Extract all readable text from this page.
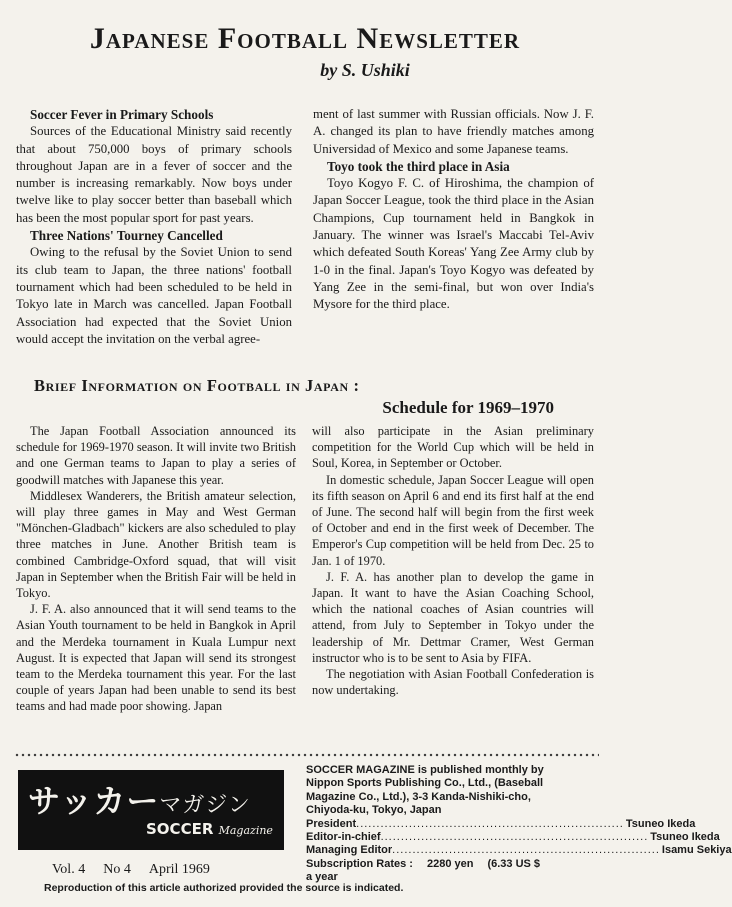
Japanese Football Newsletter
by S. Ushiki
Soccer Fever in Primary Schools

Sources of the Educational Ministry said recently that about 750,000 boys of primary schools throughout Japan are in a fever of soccer and the number is increasing remarkably. Now boys under twelve like to play soccer better than baseball which has been the most popular sport for past years.

Three Nations' Tourney Cancelled

Owing to the refusal by the Soviet Union to send its club team to Japan, the three nations' football tournament which had been scheduled to be held in Tokyo late in March was cancelled. Japan Football Association had expected that the Soviet Union would accept the invitation on the verbal agree-

ment of last summer with Russian officials. Now J. F. A. changed its plan to have friendly matches among Universidad of Mexico and some Japanese teams.

Toyo took the third place in Asia

Toyo Kogyo F. C. of Hiroshima, the champion of Japan Soccer League, took the third place in the Asian Champions, Cup tournament held in Bangkok in January. The winner was Israel's Maccabi Tel-Aviv which defeated South Koreas' Yang Zee Army club by 1-0 in the final. Japan's Toyo Kogyo was defeated by Yang Zee in the semi-final, but won over India's Mysore for the third place.

Brief Information on Football in Japan :
Schedule for 1969–1970

The Japan Football Association announced its schedule for 1969-1970 season. It will invite two British and one German teams to Japan to play a series of goodwill matches with Japanese this year.

Middlesex Wanderers, the British amateur selection, will play three games in May and West German "Mönchen-Gladbach" kickers are also scheduled to play three matches in June. Another British team is combined Cambridge-Oxford squad, that will visit Japan in September when the British Fair will be held in Tokyo.

J. F. A. also announced that it will send teams to the Asian Youth tournament to be held in Bangkok in April and the Merdeka tournament in Kuala Lumpur next August. It is expected that Japan will send its strongest team to the Merdeka tournament this year. For the last couple of years Japan had been unable to send its best teams and had made poor showing. Japan

will also participate in the Asian preliminary competition for the World Cup which will be held in Soul, Korea, in September or October.

In domestic schedule, Japan Soccer League will open its fifth season on April 6 and end its first half at the end of June. The second half will begin from the first week of October and end in the first week of December. The Emperor's Cup competition will be held from Dec. 25 to Jan. 1 of 1970.

J. F. A. has another plan to develop the game in Japan. It want to have the Asian Coaching School, which the national coaches of Asian countries will attend, from July to September in Tokyo under the leadership of Mr. Dettmar Cramer, West German instructor who is to be sent to Asia by FIFA.

The negotiation with Asian Football Confederation is now undertaking.

サッカーマガジン
SOCCER Magazine
Vol. 4 No 4 April 1969
SOCCER MAGAZINE is published monthly by
Nippon Sports Publishing Co., Ltd., (Baseball
Magazine Co., Ltd.), 3-3 Kanda-Nishiki-cho,
Chiyoda-ku, Tokyo, Japan
President .................................................................. Tsuneo Ikeda
Editor-in-chief .................................................................. Tsuneo Ikeda
Managing Editor .................................................................. Isamu Sekiya
Subscription Rates : 2280 yen (6.33 US $
a year
Reproduction of this article authorized provided the source is indicated.
